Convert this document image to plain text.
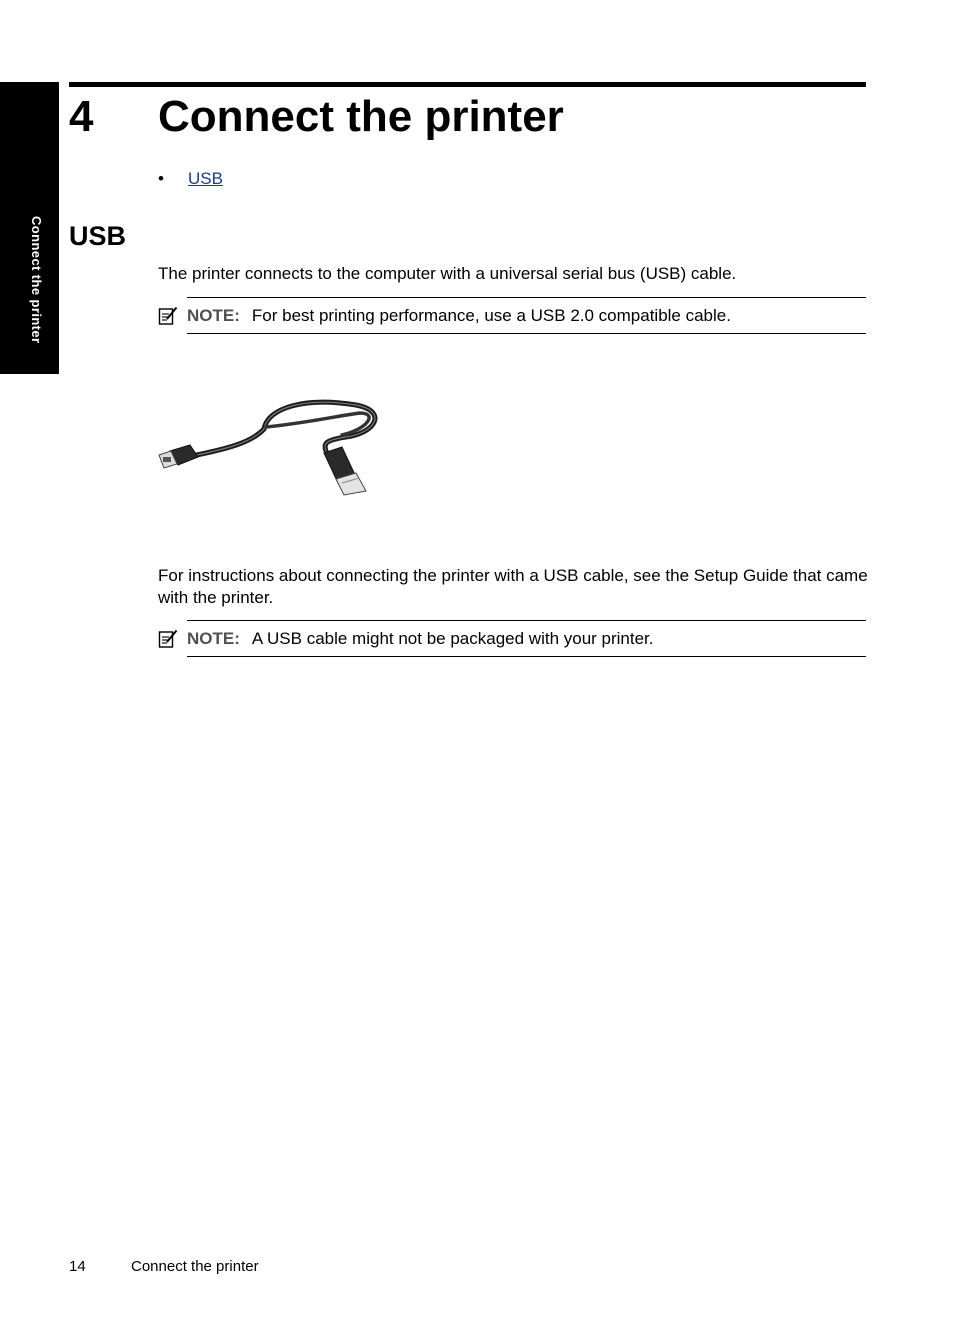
Connect the printer
4 Connect the printer
• USB
USB
The printer connects to the computer with a universal serial bus (USB) cable.
NOTE: For best printing performance, use a USB 2.0 compatible cable.
For instructions about connecting the printer with a USB cable, see the Setup Guide that came with the printer.
NOTE: A USB cable might not be packaged with your printer.
14	Connect the printer
